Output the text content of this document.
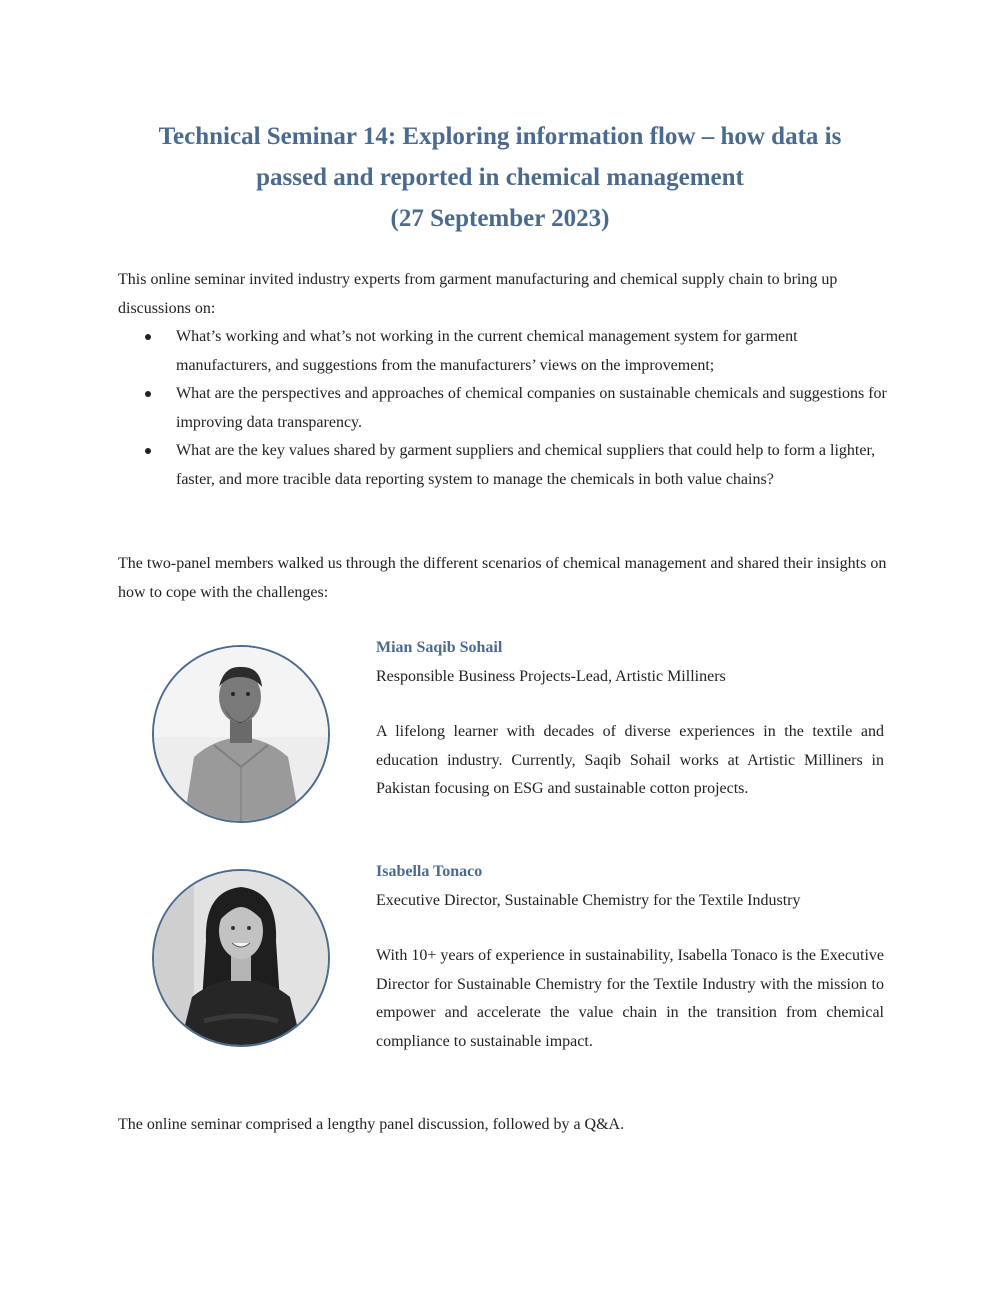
Technical Seminar 14: Exploring information flow – how data is
passed and reported in chemical management
(27 September 2023)
This online seminar invited industry experts from garment manufacturing and chemical supply chain to bring up discussions on:
What’s working and what’s not working in the current chemical management system for garment manufacturers, and suggestions from the manufacturers’ views on the improvement;
What are the perspectives and approaches of chemical companies on sustainable chemicals and suggestions for improving data transparency.
What are the key values shared by garment suppliers and chemical suppliers that could help to form a lighter, faster, and more tracible data reporting system to manage the chemicals in both value chains?
The two-panel members walked us through the different scenarios of chemical management and shared their insights on how to cope with the challenges:
Mian Saqib Sohail
Responsible Business Projects-Lead, Artistic Milliners
A lifelong learner with decades of diverse experiences in the textile and education industry. Currently, Saqib Sohail works at Artistic Milliners in Pakistan focusing on ESG and sustainable cotton projects.
Isabella Tonaco
Executive Director, Sustainable Chemistry for the Textile Industry
With 10+ years of experience in sustainability, Isabella Tonaco is the Executive Director for Sustainable Chemistry for the Textile Industry with the mission to empower and accelerate the value chain in the transition from chemical compliance to sustainable impact.
The online seminar comprised a lengthy panel discussion, followed by a Q&A.
